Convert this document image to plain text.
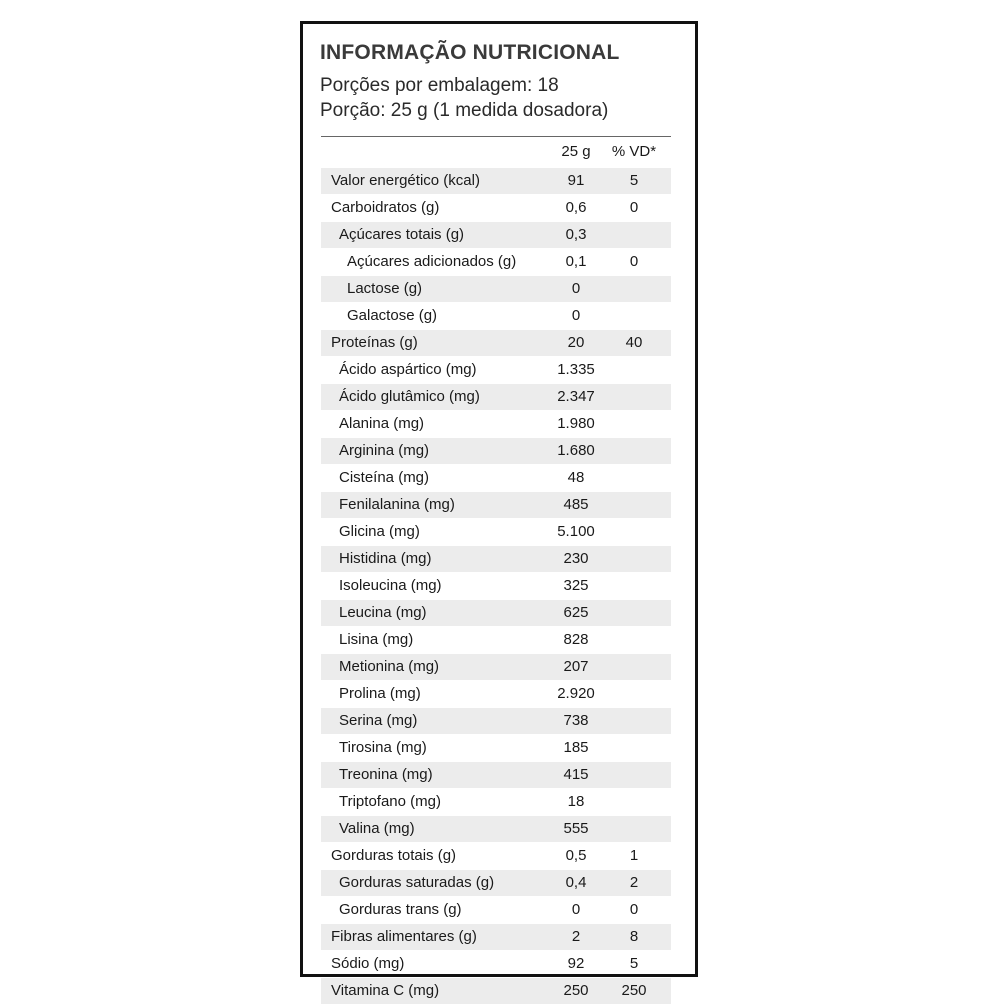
INFORMAÇÃO NUTRICIONAL
Porções por embalagem: 18
Porção: 25 g (1 medida dosadora)
25 g	% VD*
Valor energético (kcal)	91	5
Carboidratos (g)	0,6	0
Açúcares totais (g)	0,3
Açúcares adicionados (g)	0,1	0
Lactose (g)	0
Galactose (g)	0
Proteínas (g)	20	40
Ácido aspártico (mg)	1.335
Ácido glutâmico (mg)	2.347
Alanina (mg)	1.980
Arginina (mg)	1.680
Cisteína (mg)	48
Fenilalanina (mg)	485
Glicina (mg)	5.100
Histidina (mg)	230
Isoleucina (mg)	325
Leucina (mg)	625
Lisina (mg)	828
Metionina (mg)	207
Prolina (mg)	2.920
Serina (mg)	738
Tirosina (mg)	185
Treonina (mg)	415
Triptofano (mg)	18
Valina (mg)	555
Gorduras totais (g)	0,5	1
Gorduras saturadas (g)	0,4	2
Gorduras trans (g)	0	0
Fibras alimentares (g)	2	8
Sódio (mg)	92	5
Vitamina C (mg)	250	250
